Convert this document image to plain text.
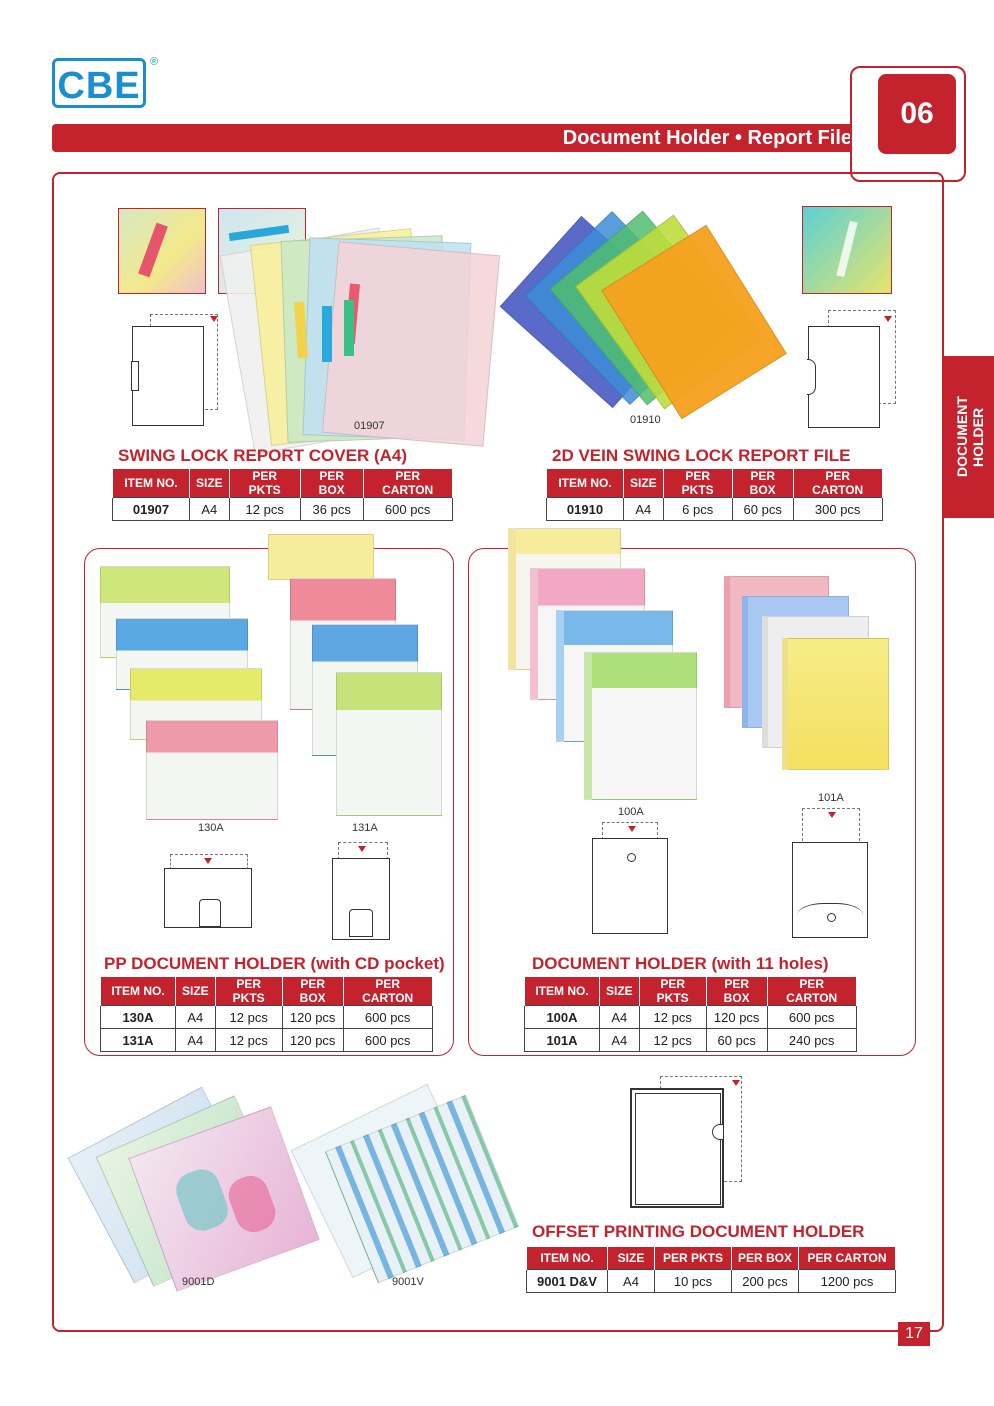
CBE
®
Document Holder • Report File
06
DOCUMENT HOLDER
01907
SWING LOCK REPORT COVER (A4)
ITEM NO.	SIZE	PER PKTS	PER BOX	PER CARTON
01907	A4	12 pcs	36 pcs	600 pcs
01910
2D VEIN SWING LOCK REPORT FILE
ITEM NO.	SIZE	PER PKTS	PER BOX	PER CARTON
01910	A4	6 pcs	60 pcs	300 pcs
130A	131A
PP DOCUMENT HOLDER (with CD pocket)
ITEM NO.	SIZE	PER PKTS	PER BOX	PER CARTON
130A	A4	12 pcs	120 pcs	600 pcs
131A	A4	12 pcs	120 pcs	600 pcs
100A
101A
DOCUMENT HOLDER (with 11 holes)
ITEM NO.	SIZE	PER PKTS	PER BOX	PER CARTON
100A	A4	12 pcs	120 pcs	600 pcs
101A	A4	12 pcs	60 pcs	240 pcs
9001D	9001V
OFFSET PRINTING DOCUMENT HOLDER
ITEM NO.	SIZE	PER PKTS	PER BOX	PER CARTON
9001 D&V	A4	10 pcs	200 pcs	1200 pcs
17
